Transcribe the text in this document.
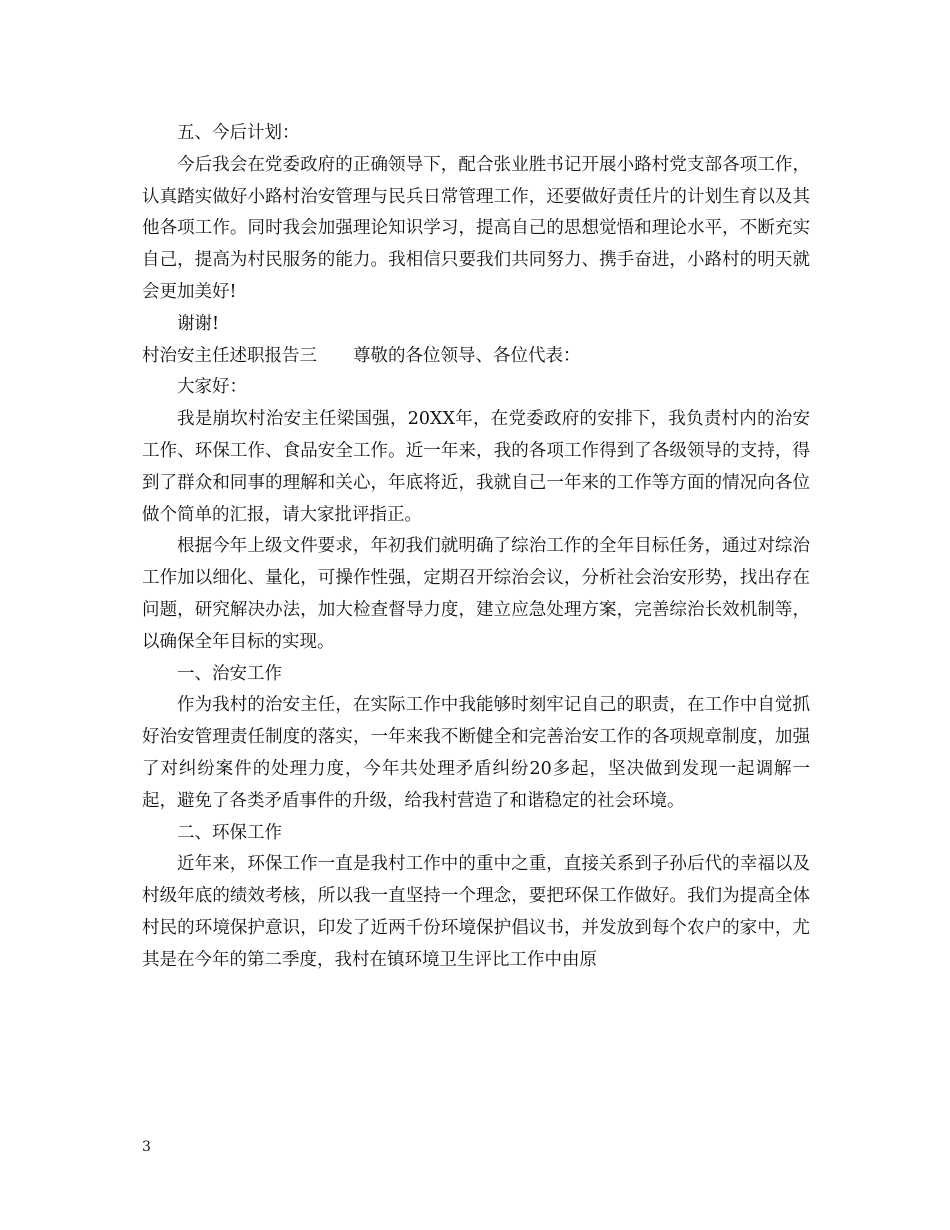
五、今后计划：

今后我会在党委政府的正确领导下，配合张业胜书记开展小路村党支部各项工作，认真踏实做好小路村治安管理与民兵日常管理工作，还要做好责任片的计划生育以及其他各项工作。同时我会加强理论知识学习，提高自己的思想觉悟和理论水平，不断充实自己，提高为村民服务的能力。我相信只要我们共同努力、携手奋进，小路村的明天就会更加美好!

谢谢!
村治安主任述职报告三 尊敬的各位领导、各位代表：
大家好：

我是崩坎村治安主任梁国强，20XX年，在党委政府的安排下，我负责村内的治安工作、环保工作、食品安全工作。近一年来，我的各项工作得到了各级领导的支持，得到了群众和同事的理解和关心，年底将近，我就自己一年来的工作等方面的情况向各位做个简单的汇报，请大家批评指正。

根据今年上级文件要求，年初我们就明确了综治工作的全年目标任务，通过对综治工作加以细化、量化，可操作性强，定期召开综治会议，分析社会治安形势，找出存在问题，研究解决办法，加大检查督导力度，建立应急处理方案，完善综治长效机制等，以确保全年目标的实现。

一、治安工作

作为我村的治安主任，在实际工作中我能够时刻牢记自己的职责，在工作中自觉抓好治安管理责任制度的落实，一年来我不断健全和完善治安工作的各项规章制度，加强了对纠纷案件的处理力度，今年共处理矛盾纠纷20多起，坚决做到发现一起调解一起，避免了各类矛盾事件的升级，给我村营造了和谐稳定的社会环境。

二、环保工作

近年来，环保工作一直是我村工作中的重中之重，直接关系到子孙后代的幸福以及村级年底的绩效考核，所以我一直坚持一个理念，要把环保工作做好。我们为提高全体村民的环境保护意识，印发了近两千份环境保护倡议书，并发放到每个农户的家中，尤其是在今年的第二季度，我村在镇环境卫生评比工作中由原

3
